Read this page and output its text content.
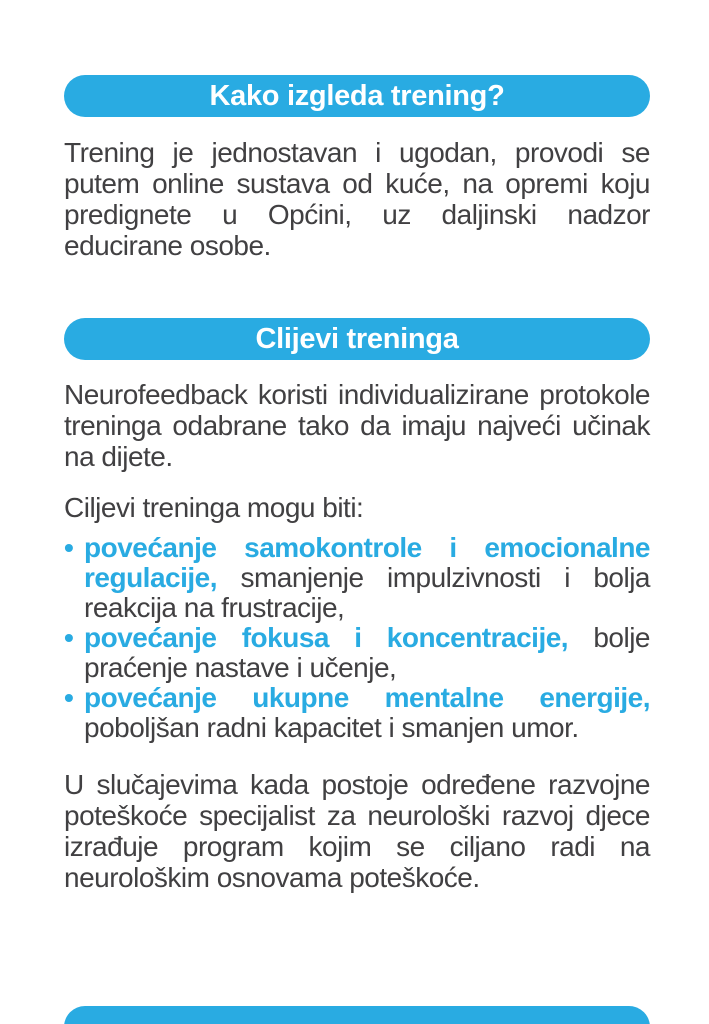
Kako izgleda trening?
Trening je jednostavan i ugodan, provodi se putem online sustava od kuće, na opremi koju predignete u Općini, uz daljinski nadzor educirane osobe.
Clijevi treninga
Neurofeedback koristi individualizirane protokole treninga odabrane tako da imaju najveći učinak na dijete.
Ciljevi treninga mogu biti:
• povećanje samokontrole i emocionalne regulacije, smanjenje impulzivnosti i bolja reakcija na frustracije,
• povećanje fokusa i koncentracije, bolje praćenje nastave i učenje,
• povećanje ukupne mentalne energije, poboljšan radni kapacitet i smanjen umor.
U slučajevima kada postoje određene razvojne poteškoće specijalist za neurološki razvoj djece izrađuje program kojim se ciljano radi na neurološkim osnovama poteškoće.
